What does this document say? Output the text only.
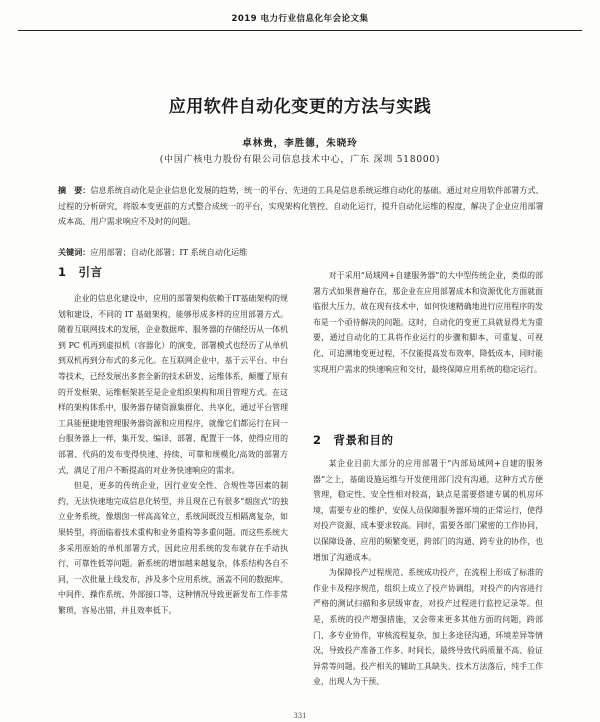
2019 电力行业信息化年会论文集
应用软件自动化变更的方法与实践
卓林贵，李胜德，朱晓玲
(中国广核电力股份有限公司信息技术中心，广东 深圳 518000)
摘　要：信息系统自动化是企业信息化发展的趋势，统一的平台、先进的工具是信息系统运维自动化的基础。通过对应用软件部署方式、过程的分析研究，将版本变更前的方式整合成统一的平台，实现架构化管控、自动化运行，提升自动化运维的程度，解决了企业应用部署成本高、用户需求响应不及时的问题。
关键词：应用部署；自动化部署；IT 系统自动化运维
1　引言

企业的信息化建设中，应用的部署架构依赖于IT基础架构的规划和建设，不同的 IT 基础架构，能够形成多样的应用部署方式。随着互联网技术的发展，企业数据库、服务器的存储经历从一体机到 PC 机再到虚拟机（容器化）的演变，部署模式也经历了从单机到双机再到分布式的多元化。在互联网企业中，基于云平台、中台等技术，已经发展出多套全新的技术研发、运维体系，颠覆了原有的开发框架、运维框架甚至是企业组织架构和项目管理方式。在这样的架构体系中，服务器存储资源集群化、共享化，通过平台管理工具能便捷地管理服务器资源和应用程序，就像它们都运行在同一台服务器上一样，集开发、编译、部署、配置于一体，使得应用的部署、代码的发布变得快速、持续、可靠和规模化/高效的部署方式，满足了用户不断提高的对业务快速响应的需求。

但是，更多的传统企业，因行业安全性、合规性等因素的制约，无法快速地完成信息化转型，并且现在已有很多“烟囱式”的独立业务系统，像烟囱一样高高耸立，系统间既没互相隔离复杂，如果转型，将面临着技术重构和业务重构等多重问题。而这些系统大多采用原始的单机部署方式，因此应用系统的发布就存在手动执行、可靠性低等问题。新系统的增加越来越复杂，体系结构各自不同，一次批量上线发布，涉及多个应用系统，涵盖不同的数据库、中间件、操作系统、外部接口等，这种情况导致更新发布工作非常繁琐，容易出错，并且效率低下。

对于采用“局域网+自建服务器”的大中型传统企业，类似的部署方式如果普遍存在，那企业在应用部署成本和资源优化方面就面临很大压力，故在现有技术中，如何快速精确地进行应用程序的发布是一个亟待解决的问题。这时，自动化的变更工具就显得尤为重要，通过自动化的工具将作业运行的步骤和脚本，可重复、可视化、可追溯地变更过程，不仅能提高发布效率，降低成本，同时能实现用户需求的快速响应和交付，最终保障应用系统的稳定运行。

2　背景和目的

某企业目前大部分的应用部署于“内部局域网+自建的服务器”之上，基础设施运维与开发使用部门没有沟通，这种方式方便管理，稳定性、安全性相对较高，缺点是需要搭建专属的机房环境，需要专业的维护、安保人员保障服务器环境的正常运行，使得对投产资源、成本要求较高。同时，需要各部门紧密的工作协同，以保障设备、应用的频繁变更，跨部门的沟通、跨专业的协作，也增加了沟通成本。

为保障投产过程规范、系统成功投产，在流程上形成了标准的作业卡及程序规范，组织上成立了投产协调组，对投产的内容进行严格的测试扫描和多层级审查，对投产过程进行监控记录等。但是，系统的投产增强措施，又会带来更多其他方面的问题，跨部门、多专业协作，审核流程复杂，加上多途径沟通，环境差异等情况，导致投产准备工作多、时间长，最终导致代码质量不高、验证异常等问题。投产相关的辅助工具缺失、技术方法落后，纯手工作业，出现人为干预、

331
